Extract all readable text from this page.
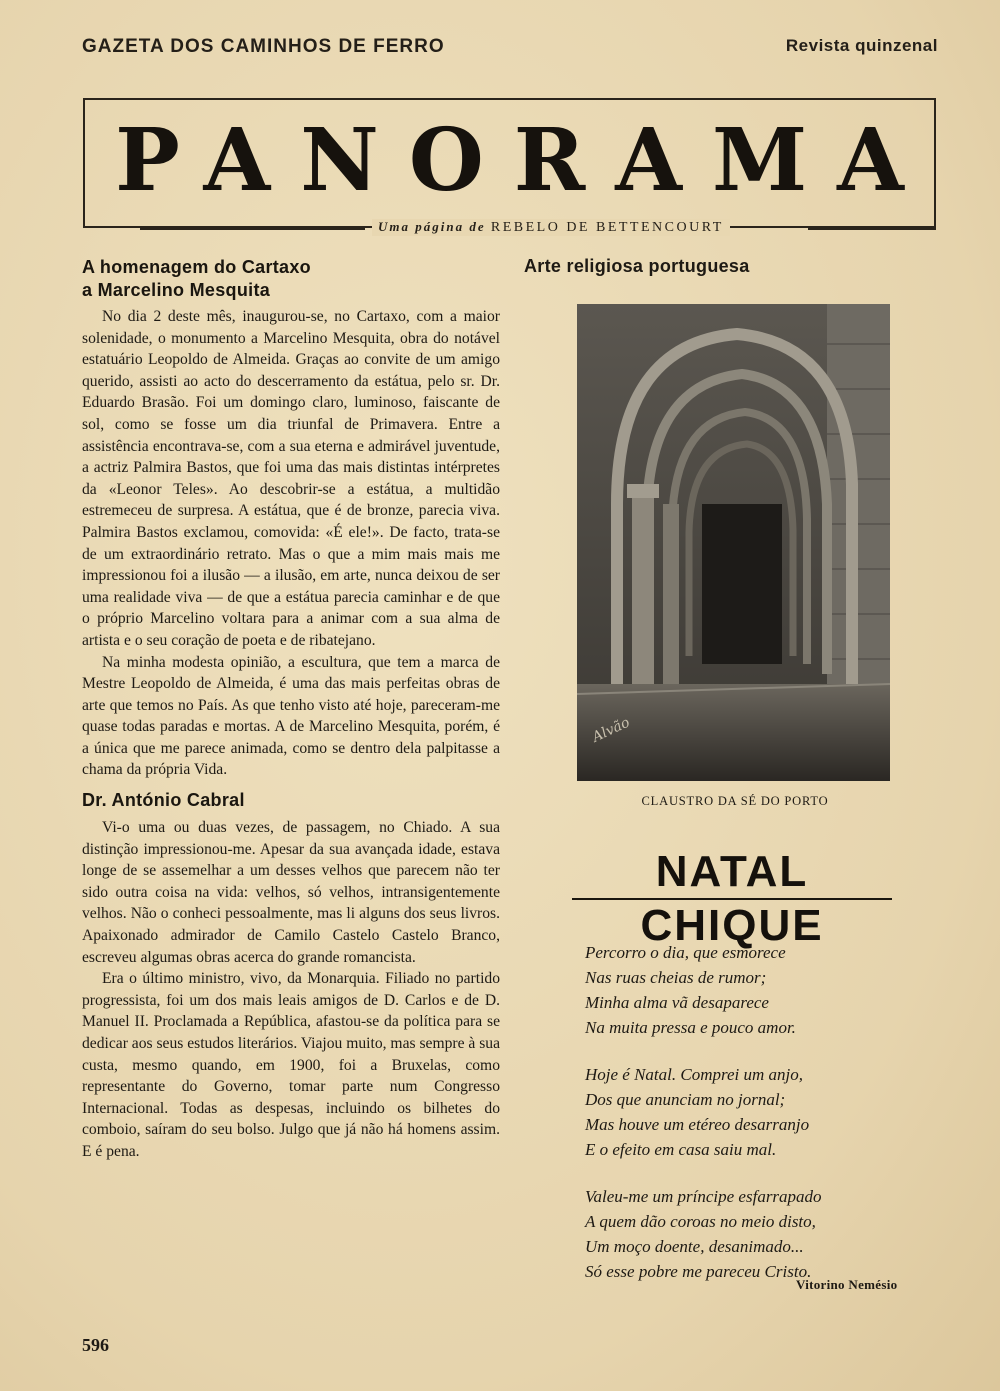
GAZETA DOS CAMINHOS DE FERRO	Revista quinzenal
PANORAMA
Uma página de REBELO DE BETTENCOURT
A homenagem do Cartaxo
a Marcelino Mesquita

No dia 2 deste mês, inaugurou-se, no Cartaxo, com a maior solenidade, o monumento a Marcelino Mesquita, obra do notável estatuário Leopoldo de Almeida. Graças ao convite de um amigo querido, assisti ao acto do descerramento da estátua, pelo sr. Dr. Eduardo Brasão. Foi um domingo claro, luminoso, faiscante de sol, como se fosse um dia triunfal de Primavera. Entre a assistência encontrava-se, com a sua eterna e admirável juventude, a actriz Palmira Bastos, que foi uma das mais distintas intérpretes da «Leonor Teles». Ao descobrir-se a estátua, a multidão estremeceu de surpresa. A estátua, que é de bronze, parecia viva. Palmira Bastos exclamou, comovida: «É ele!». De facto, trata-se de um extraordinário retrato. Mas o que a mim mais mais me impressionou foi a ilusão — a ilusão, em arte, nunca deixou de ser uma realidade viva — de que a estátua parecia caminhar e de que o próprio Marcelino voltara para a animar com a sua alma de artista e o seu coração de poeta e de ribatejano.

Na minha modesta opinião, a escultura, que tem a marca de Mestre Leopoldo de Almeida, é uma das mais perfeitas obras de arte que temos no País. As que tenho visto até hoje, pareceram-me quase todas paradas e mortas. A de Marcelino Mesquita, porém, é a única que me parece animada, como se dentro dela palpitasse a chama da própria Vida.

Dr. António Cabral

Vi-o uma ou duas vezes, de passagem, no Chiado. A sua distinção impressionou-me. Apesar da sua avançada idade, estava longe de se assemelhar a um desses velhos que parecem não ter sido outra coisa na vida: velhos, só velhos, intransigentemente velhos. Não o conheci pessoalmente, mas li alguns dos seus livros. Apaixonado admirador de Camilo Castelo Castelo Branco, escreveu algumas obras acerca do grande romancista.

Era o último ministro, vivo, da Monarquia. Filiado no partido progressista, foi um dos mais leais amigos de D. Carlos e de D. Manuel II. Proclamada a República, afastou-se da política para se dedicar aos seus estudos literários. Viajou muito, mas sempre à sua custa, mesmo quando, em 1900, foi a Bruxelas, como representante do Governo, tomar parte num Congresso Internacional. Todas as despesas, incluindo os bilhetes do comboio, saíram do seu bolso. Julgo que já não há homens assim. E é pena.

Arte religiosa portuguesa
Alvão
CLAUSTRO DA SÉ DO PORTO
NATAL CHIQUE
Percorro o dia, que esmorece
Nas ruas cheias de rumor;
Minha alma vã desaparece
Na muita pressa e pouco amor.
Hoje é Natal. Comprei um anjo,
Dos que anunciam no jornal;
Mas houve um etéreo desarranjo
E o efeito em casa saiu mal.
Valeu-me um príncipe esfarrapado
A quem dão coroas no meio disto,
Um moço doente, desanimado...
Só esse pobre me pareceu Cristo.
Vitorino Nemésio
596
